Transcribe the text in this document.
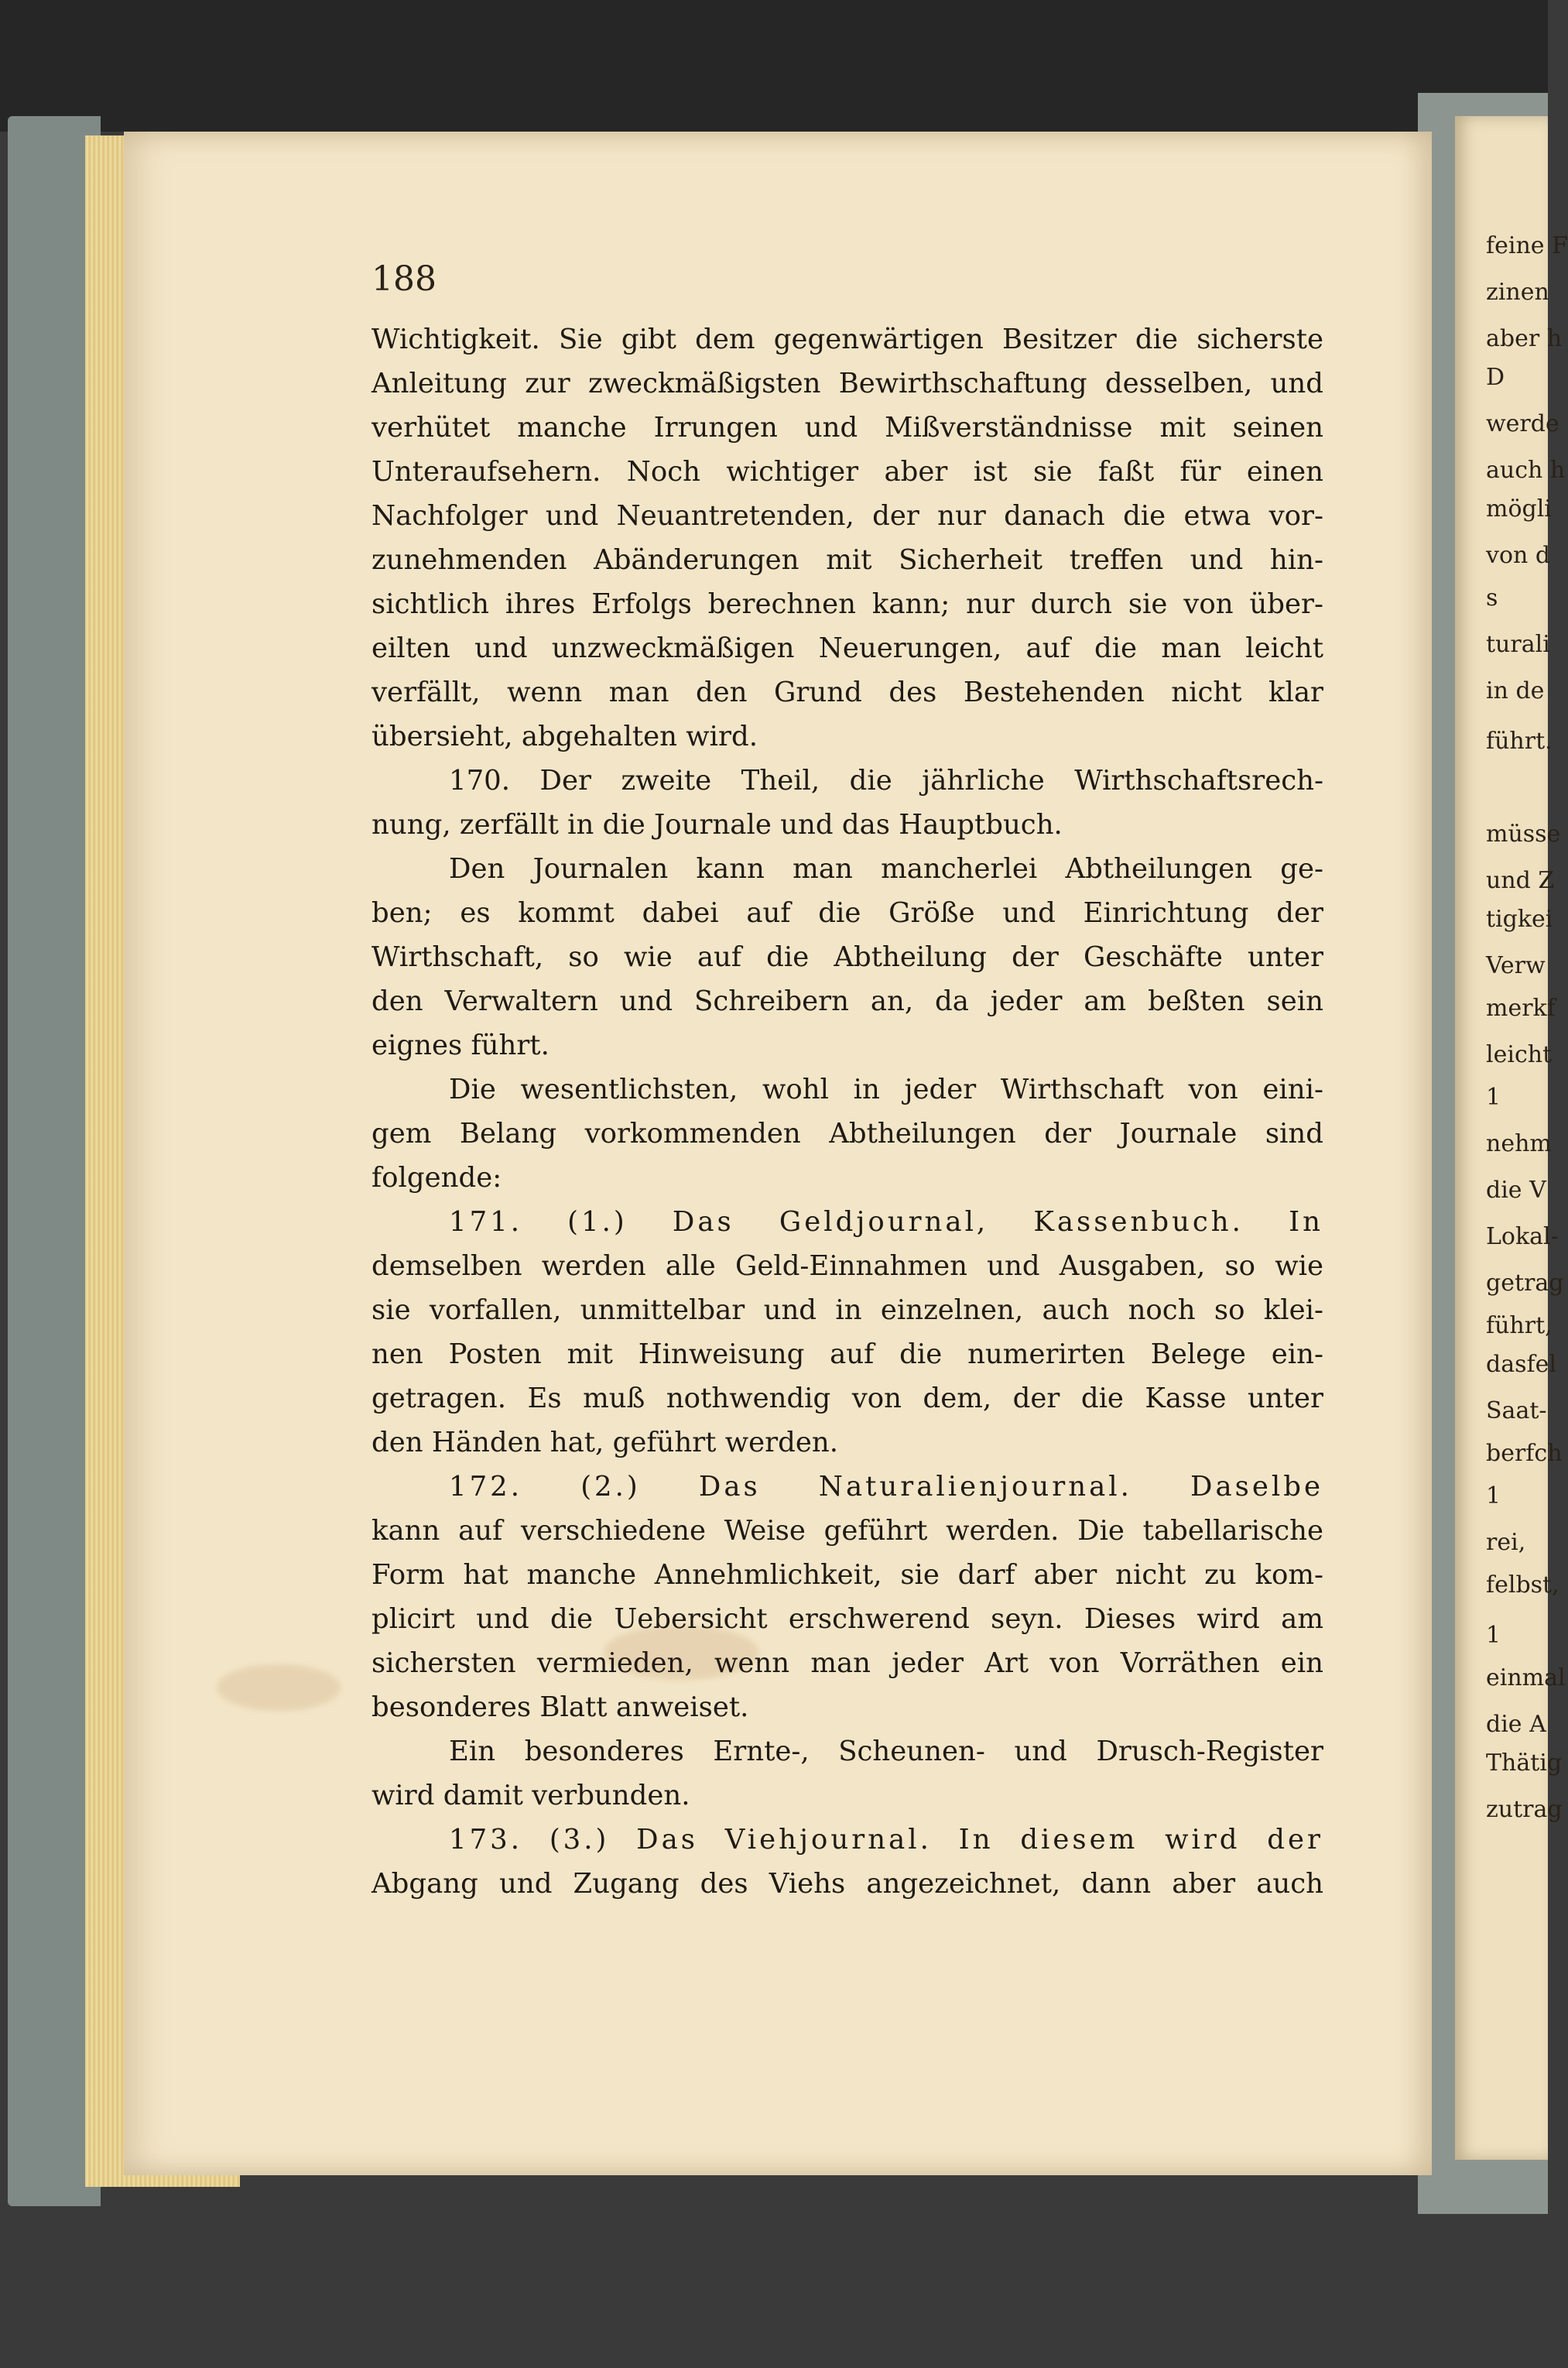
feine F
zinen
aber h
D
werde
auch h
mögli
von d
s
turali
in de
führt.
müsse
und Z
tigkei
Verw
merkf
leicht
1
nehm
die V
Lokal-
getrag
führt,
dasfel
Saat-
berfch
1
rei,
felbst,
1
einmal
die A
Thätig
zutrag
188
Wichtigkeit. Sie gibt dem gegenwärtigen Besitzer die sicherste
Anleitung zur zweckmäßigsten Bewirthschaftung desselben, und
verhütet manche Irrungen und Mißverständnisse mit seinen
Unteraufsehern. Noch wichtiger aber ist sie faßt für einen
Nachfolger und Neuantretenden, der nur danach die etwa vor-
zunehmenden Abänderungen mit Sicherheit treffen und hin-
sichtlich ihres Erfolgs berechnen kann; nur durch sie von über-
eilten und unzweckmäßigen Neuerungen, auf die man leicht
verfällt, wenn man den Grund des Bestehenden nicht klar
übersieht, abgehalten wird.
170. Der zweite Theil, die jährliche Wirthschaftsrech-
nung, zerfällt in die Journale und das Hauptbuch.
Den Journalen kann man mancherlei Abtheilungen ge-
ben; es kommt dabei auf die Größe und Einrichtung der
Wirthschaft, so wie auf die Abtheilung der Geschäfte unter
den Verwaltern und Schreibern an, da jeder am beßten sein
eignes führt.
Die wesentlichsten, wohl in jeder Wirthschaft von eini-
gem Belang vorkommenden Abtheilungen der Journale sind
folgende:
171. (1.) Das Geldjournal, Kassenbuch. In
demselben werden alle Geld-Einnahmen und Ausgaben, so wie
sie vorfallen, unmittelbar und in einzelnen, auch noch so klei-
nen Posten mit Hinweisung auf die numerirten Belege ein-
getragen. Es muß nothwendig von dem, der die Kasse unter
den Händen hat, geführt werden.
172. (2.) Das Naturalienjournal. Daselbe
kann auf verschiedene Weise geführt werden. Die tabellarische
Form hat manche Annehmlichkeit, sie darf aber nicht zu kom-
plicirt und die Uebersicht erschwerend seyn. Dieses wird am
sichersten vermieden, wenn man jeder Art von Vorräthen ein
besonderes Blatt anweiset.
Ein besonderes Ernte-, Scheunen- und Drusch-Register
wird damit verbunden.
173. (3.) Das Viehjournal. In diesem wird der
Abgang und Zugang des Viehs angezeichnet, dann aber auch
